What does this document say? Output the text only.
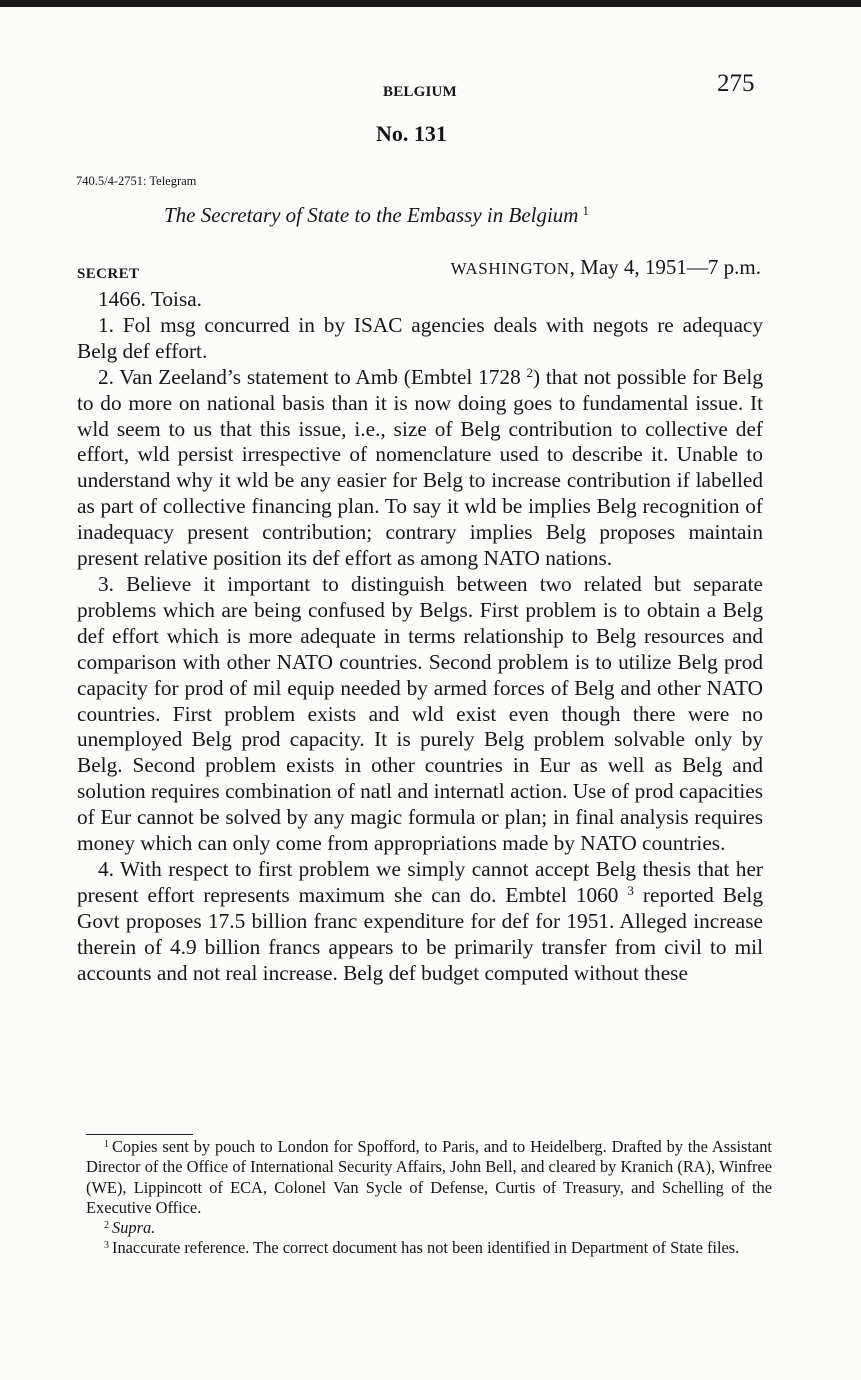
BELGIUM	275
No. 131
740.5/4-2751: Telegram
The Secretary of State to the Embassy in Belgium $^1$
SECRET	WASHINGTON, May 4, 1951—7 p.m.

1466. Toisa.

1. Fol msg concurred in by ISAC agencies deals with negots re adequacy Belg def effort.

2. Van Zeeland’s statement to Amb (Embtel 1728 $^2$) that not possible for Belg to do more on national basis than it is now doing goes to fundamental issue. It wld seem to us that this issue, i.e., size of Belg contribution to collective def effort, wld persist irrespective of nomenclature used to describe it. Unable to understand why it wld be any easier for Belg to increase contribution if labelled as part of collective financing plan. To say it wld be implies Belg recognition of inadequacy present contribution; contrary implies Belg proposes maintain present relative position its def effort as among NATO nations.

3. Believe it important to distinguish between two related but separate problems which are being confused by Belgs. First problem is to obtain a Belg def effort which is more adequate in terms relationship to Belg resources and comparison with other NATO countries. Second problem is to utilize Belg prod capacity for prod of mil equip needed by armed forces of Belg and other NATO countries. First problem exists and wld exist even though there were no unemployed Belg prod capacity. It is purely Belg problem solvable only by Belg. Second problem exists in other countries in Eur as well as Belg and solution requires combination of natl and internatl action. Use of prod capacities of Eur cannot be solved by any magic formula or plan; in final analysis requires money which can only come from appropriations made by NATO countries.

4. With respect to first problem we simply cannot accept Belg thesis that her present effort represents maximum she can do. Embtel 1060 $^3$ reported Belg Govt proposes 17.5 billion franc expenditure for def for 1951. Alleged increase therein of 4.9 billion francs appears to be primarily transfer from civil to mil accounts and not real increase. Belg def budget computed without these

$^1$ Copies sent by pouch to London for Spofford, to Paris, and to Heidelberg. Drafted by the Assistant Director of the Office of International Security Affairs, John Bell, and cleared by Kranich (RA), Winfree (WE), Lippincott of ECA, Colonel Van Sycle of Defense, Curtis of Treasury, and Schelling of the Executive Office.

$^2$ Supra.

$^3$ Inaccurate reference. The correct document has not been identified in Department of State files.
